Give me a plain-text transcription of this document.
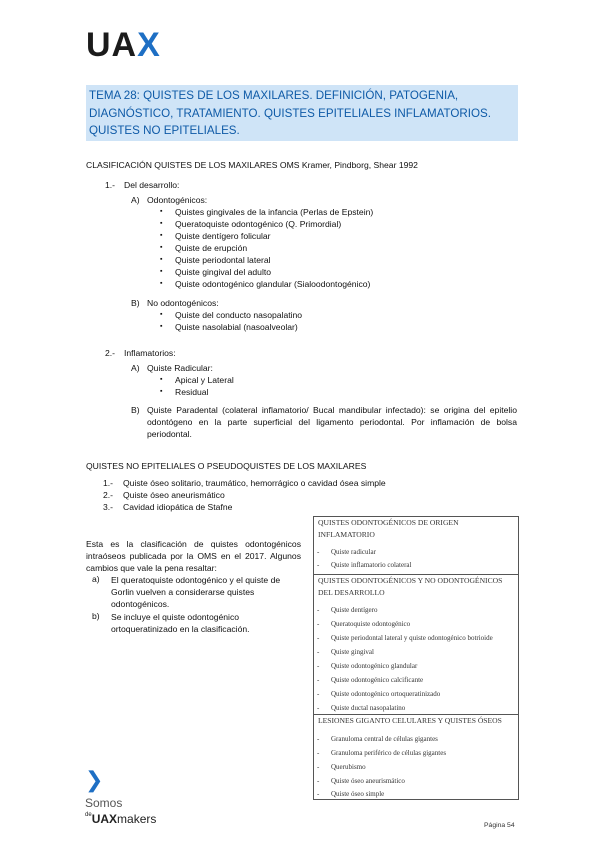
UAX
TEMA 28: QUISTES DE LOS MAXILARES. DEFINICIÓN, PATOGENIA, DIAGNÓSTICO, TRATAMIENTO. QUISTES EPITELIALES INFLAMATORIOS. QUISTES NO EPITELIALES.
CLASIFICACIÓN QUISTES DE LOS MAXILARES OMS Kramer, Pindborg, Shear 1992
1.- Del desarrollo:
A) Odontogénicos:
▪ Quistes gingivales de la infancia (Perlas de Epstein)
▪ Queratoquiste odontogénico (Q. Primordial)
▪ Quiste dentígero folicular
▪ Quiste de erupción
▪ Quiste periodontal lateral
▪ Quiste gingival del adulto
▪ Quiste odontogénico glandular (Sialoodontogénico)
B) No odontogénicos:
▪ Quiste del conducto nasopalatino
▪ Quiste nasolabial (nasoalveolar)
2.- Inflamatorios:
A) Quiste Radicular:
▪ Apical y Lateral
▪ Residual
B) Quiste Paradental (colateral inflamatorio/ Bucal mandibular infectado): se origina del epitelio odontógeno en la parte superficial del ligamento periodontal. Por inflamación de bolsa periodontal.
QUISTES NO EPITELIALES O PSEUDOQUISTES DE LOS MAXILARES
1.- Quiste óseo solitario, traumático, hemorrágico o cavidad ósea simple
2.- Quiste óseo aneurismático
3.- Cavidad idiopática de Stafne
Esta es la clasificación de quistes odontogénicos intraóseos publicada por la OMS en el 2017. Algunos cambios que vale la pena resaltar:
a) El queratoquiste odontogénico y el quiste de Gorlin vuelven a considerarse quistes odontogénicos.
b) Se incluye el quiste odontogénico ortoqueratinizado en la clasificación.
QUISTES ODONTOGÉNICOS DE ORIGEN
INFLAMATORIO
- Quiste radicular
- Quiste inflamatorio colateral
QUISTES ODONTOGÉNICOS Y NO ODONTOGÉNICOS
DEL DESARROLLO
- Quiste dentígero
- Queratoquiste odontogénico
- Quiste periodontal lateral y quiste odontogénico botrioide
- Quiste gingival
- Quiste odontogénico glandular
- Quiste odontogénico calcificante
- Quiste odontogénico ortoqueratinizado
- Quiste ductal nasopalatino
LESIONES GIGANTO CELULARES Y QUISTES ÓSEOS
- Granuloma central de células gigantes
- Granuloma periférico de células gigantes
- Querubismo
- Quiste óseo aneurismático
- Quiste óseo simple
❯
Somos
$^{de}$UAXmakers	Página 54
